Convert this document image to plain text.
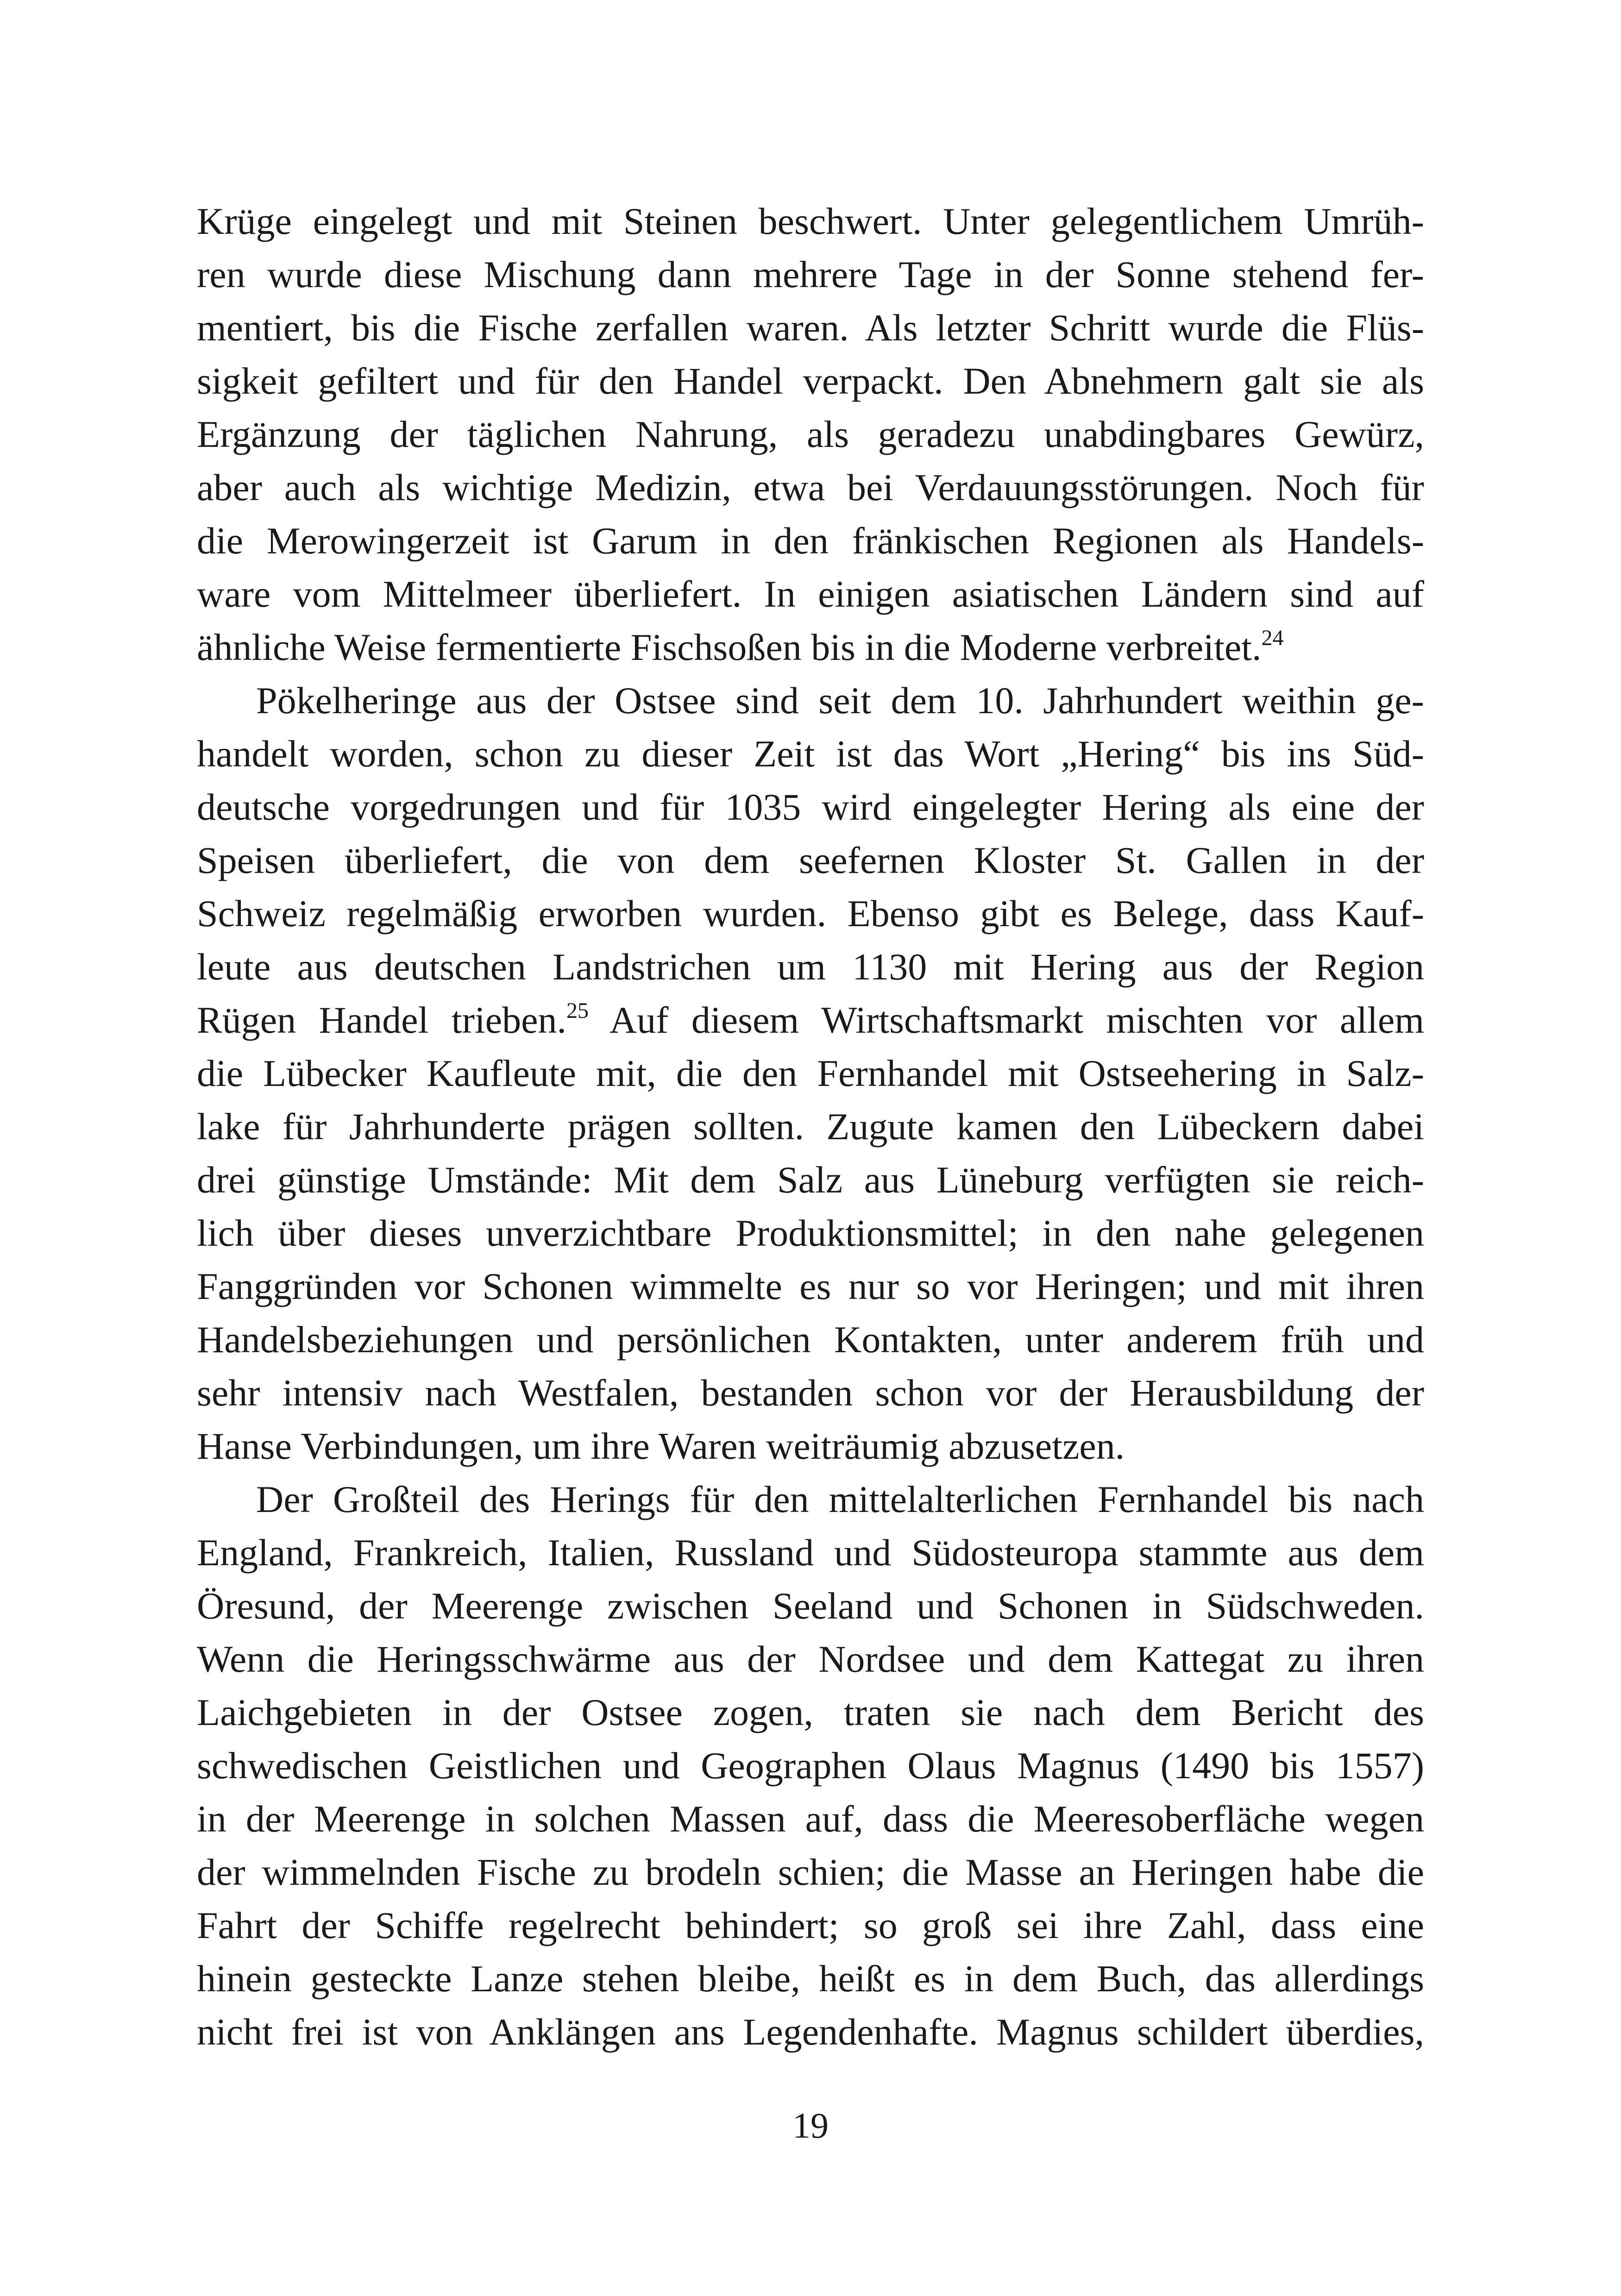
Krüge eingelegt und mit Steinen beschwert. Unter gelegentlichem Umrüh-
ren wurde diese Mischung dann mehrere Tage in der Sonne stehend fer-
mentiert, bis die Fische zerfallen waren. Als letzter Schritt wurde die Flüs-
sigkeit gefiltert und für den Handel verpackt. Den Abnehmern galt sie als
Ergänzung der täglichen Nahrung, als geradezu unabdingbares Gewürz,
aber auch als wichtige Medizin, etwa bei Verdauungsstörungen. Noch für
die Merowingerzeit ist Garum in den fränkischen Regionen als Handels-
ware vom Mittelmeer überliefert. In einigen asiatischen Ländern sind auf
ähnliche Weise fermentierte Fischsoßen bis in die Moderne verbreitet.$^{24}$
Pökelheringe aus der Ostsee sind seit dem 10. Jahrhundert weithin ge-
handelt worden, schon zu dieser Zeit ist das Wort „Hering“ bis ins Süd-
deutsche vorgedrungen und für 1035 wird eingelegter Hering als eine der
Speisen überliefert, die von dem seefernen Kloster St. Gallen in der
Schweiz regelmäßig erworben wurden. Ebenso gibt es Belege, dass Kauf-
leute aus deutschen Landstrichen um 1130 mit Hering aus der Region
Rügen Handel trieben.$^{25}$ Auf diesem Wirtschaftsmarkt mischten vor allem
die Lübecker Kaufleute mit, die den Fernhandel mit Ostseehering in Salz-
lake für Jahrhunderte prägen sollten. Zugute kamen den Lübeckern dabei
drei günstige Umstände: Mit dem Salz aus Lüneburg verfügten sie reich-
lich über dieses unverzichtbare Produktionsmittel; in den nahe gelegenen
Fanggründen vor Schonen wimmelte es nur so vor Heringen; und mit ihren
Handelsbeziehungen und persönlichen Kontakten, unter anderem früh und
sehr intensiv nach Westfalen, bestanden schon vor der Herausbildung der
Hanse Verbindungen, um ihre Waren weiträumig abzusetzen.
Der Großteil des Herings für den mittelalterlichen Fernhandel bis nach
England, Frankreich, Italien, Russland und Südosteuropa stammte aus dem
Öresund, der Meerenge zwischen Seeland und Schonen in Südschweden.
Wenn die Heringsschwärme aus der Nordsee und dem Kattegat zu ihren
Laichgebieten in der Ostsee zogen, traten sie nach dem Bericht des
schwedischen Geistlichen und Geographen Olaus Magnus (1490 bis 1557)
in der Meerenge in solchen Massen auf, dass die Meeresoberfläche wegen
der wimmelnden Fische zu brodeln schien; die Masse an Heringen habe die
Fahrt der Schiffe regelrecht behindert; so groß sei ihre Zahl, dass eine
hinein gesteckte Lanze stehen bleibe, heißt es in dem Buch, das allerdings
nicht frei ist von Anklängen ans Legendenhafte. Magnus schildert überdies,
19
